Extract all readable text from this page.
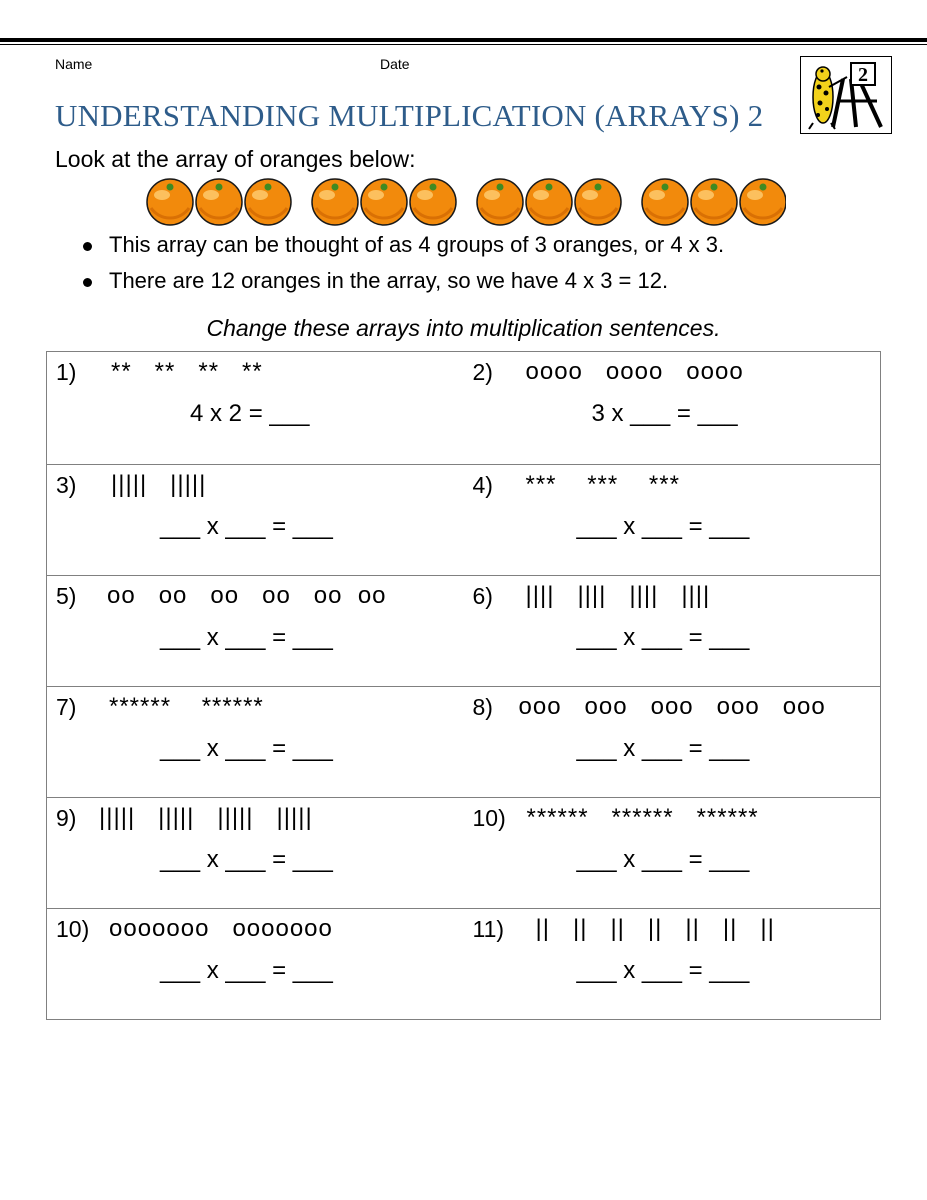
Name	Date
UNDERSTANDING MULTIPLICATION (ARRAYS) 2
2
Look at the array of oranges below:
This array can be thought of as 4 groups of 3 oranges, or 4 x 3.
There are 12 oranges in the array, so we have 4 x 3 = 12.
Change these arrays into multiplication sentences.
1) **   **   **   **
4 x 2 = ___
2) oooo   oooo   oooo
3 x ___ = ___
3) |||||   |||||
___ x ___ = ___
4) ***    ***    ***
___ x ___ = ___
5) oo   oo   oo   oo   oo  oo
___ x ___ = ___
6) ||||   ||||   ||||   ||||
___ x ___ = ___
7) ******    ******
___ x ___ = ___
8) ooo   ooo   ooo   ooo   ooo
___ x ___ = ___
9) |||||   |||||   |||||   |||||
___ x ___ = ___
10) ******   ******   ******
___ x ___ = ___
10) ooooooo   ooooooo
___ x ___ = ___
11) ||   ||   ||   ||   ||   ||   ||
___ x ___ = ___
